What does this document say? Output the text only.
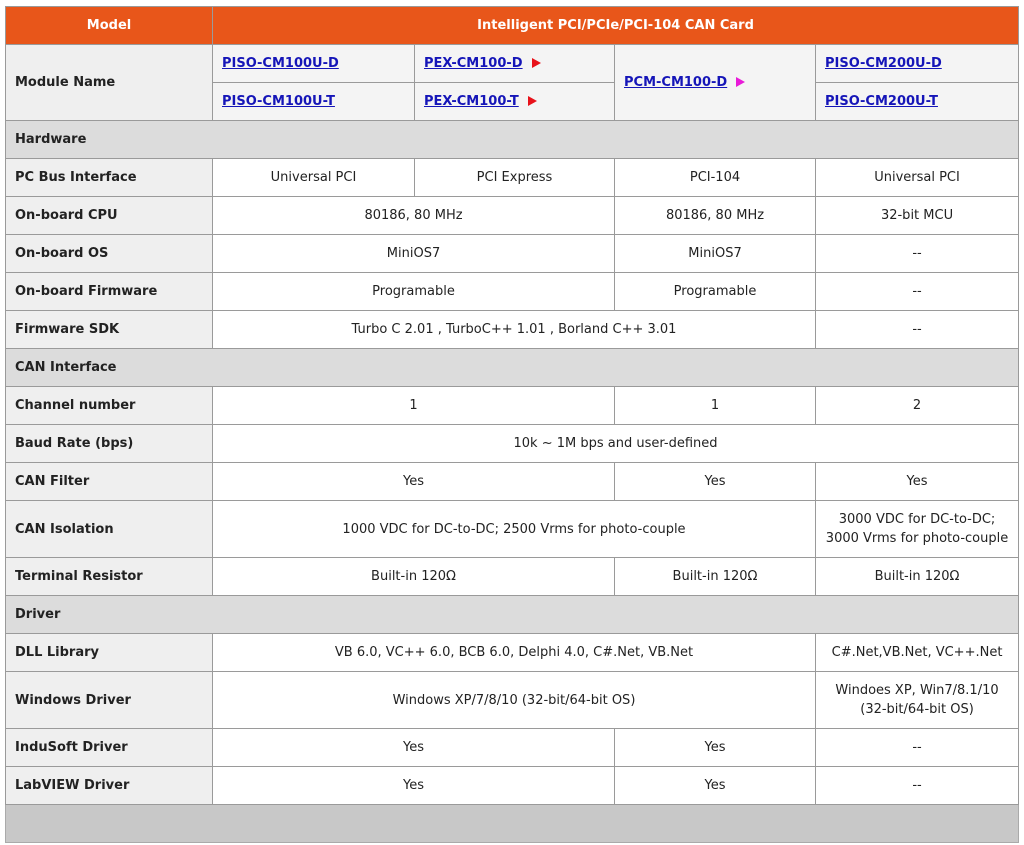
Model	Intelligent PCI/PCIe/PCI-104 CAN Card			
Module Name	PISO-CM100U-D	PEX-CM100-D	PCM-CM100-D	PISO-CM200U-D
	PISO-CM100U-T	PEX-CM100-T		PISO-CM200U-T
Hardware				
PC Bus Interface	Universal PCI	PCI Express	PCI-104	Universal PCI
On-board CPU	80186, 80 MHz		80186, 80 MHz	32-bit MCU
On-board OS	MiniOS7		MiniOS7	--
On-board Firmware	Programable		Programable	--
Firmware SDK	Turbo C 2.01 , TurboC++ 1.01 , Borland C++ 3.01			--
CAN Interface				
Channel number	1		1	2
Baud Rate (bps)	10k ~ 1M bps and user-defined			
CAN Filter	Yes		Yes	Yes
CAN Isolation	1000 VDC for DC-to-DC; 2500 Vrms for photo-couple			3000 VDC for DC-to-DC;
3000 Vrms for photo-couple

Terminal Resistor	Built-in 120Ω		Built-in 120Ω	Built-in 120Ω
Driver				
DLL Library	VB 6.0, VC++ 6.0, BCB 6.0, Delphi 4.0, C#.Net, VB.Net			C#.Net,VB.Net, VC++.Net
Windows Driver	Windows XP/7/8/10 (32-bit/64-bit OS)			Windoes XP, Win7/8.1/10
(32-bit/64-bit OS)

InduSoft Driver	Yes		Yes	--
LabVIEW Driver	Yes		Yes	--
